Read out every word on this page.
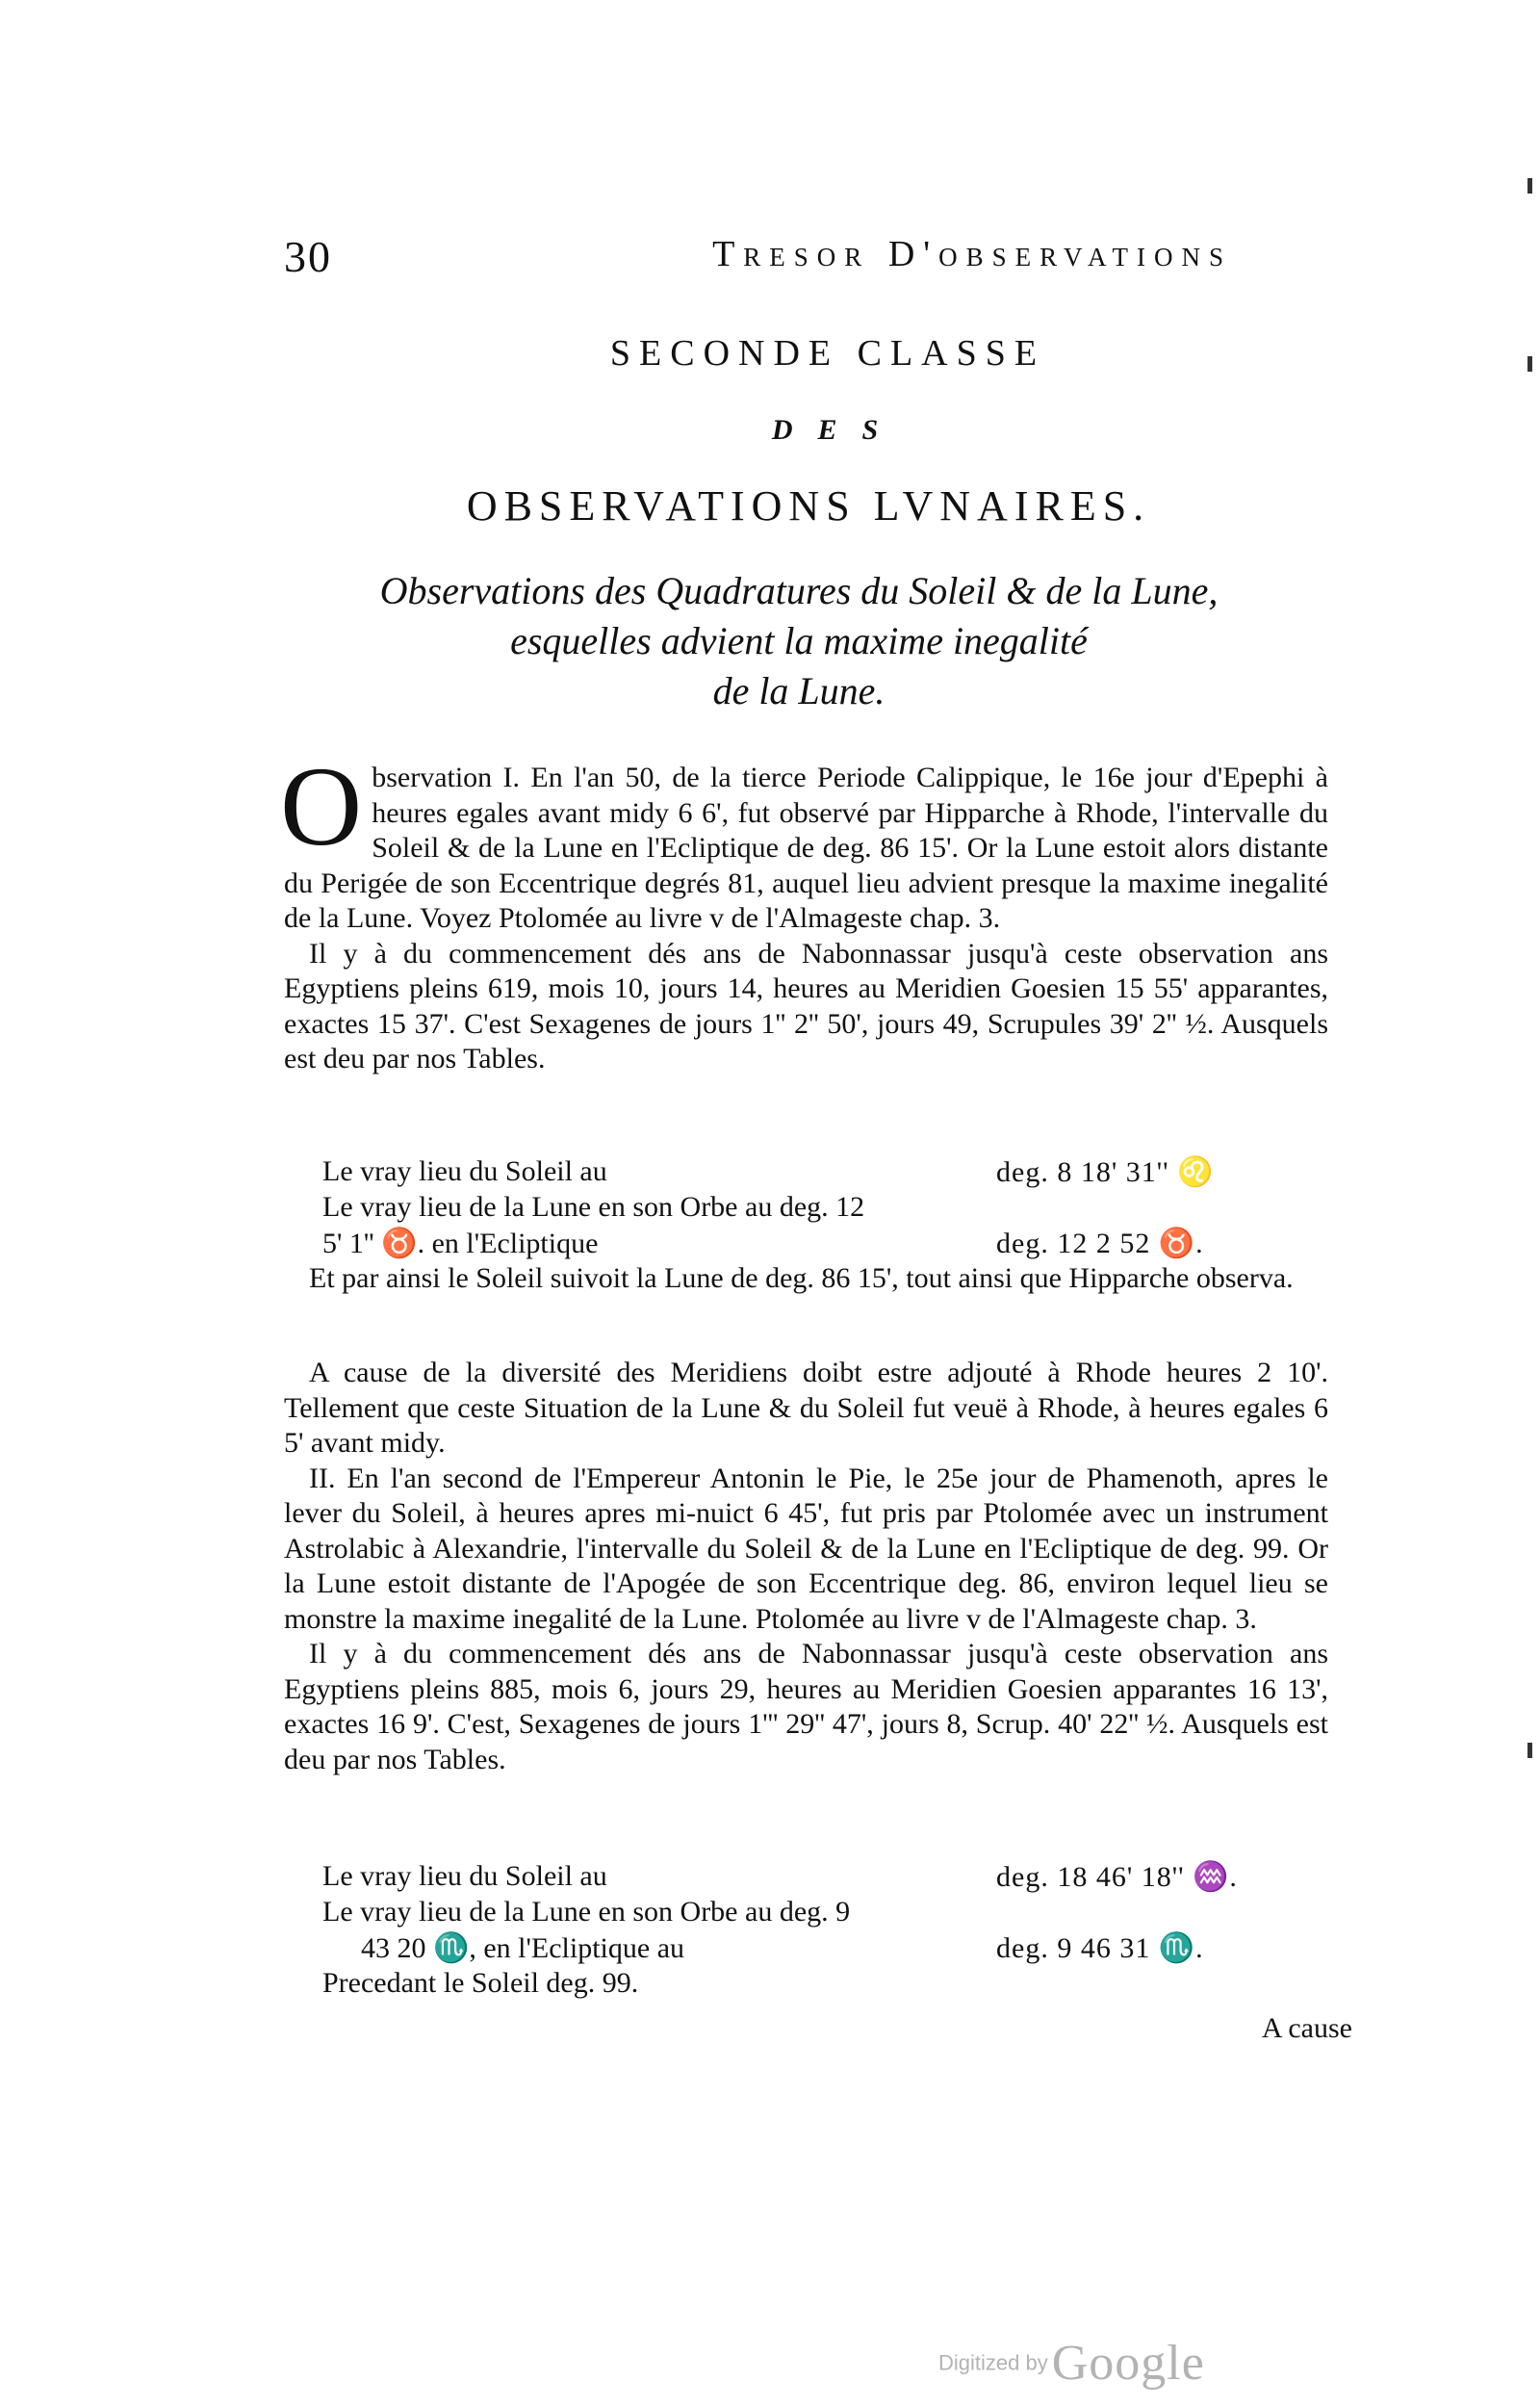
30	Tresor D'observations
SECONDE CLASSE
DES
OBSERVATIONS LVNAIRES.
Observations des Quadratures du Soleil & de la Lune,
esquelles advient la maxime inegalité
de la Lune.

Observation I. En l'an 50, de la tierce Periode Calippique, le 16e jour d'Epephi à heures egales avant midy 6 6', fut observé par Hipparche à Rhode, l'intervalle du Soleil & de la Lune en l'Ecliptique de deg. 86 15'. Or la Lune estoit alors distante du Perigée de son Eccentrique degrés 81, auquel lieu advient presque la maxime inegalité de la Lune. Voyez Ptolomée au livre v de l'Almageste chap. 3.

Il y à du commencement dés ans de Nabonnassar jusqu'à ceste observation ans Egyptiens pleins 619, mois 10, jours 14, heures au Meridien Goesien 15 55' apparantes, exactes 15 37'. C'est Sexagenes de jours 1'' 2'' 50', jours 49, Scrupules 39' 2'' ½. Ausquels est deu par nos Tables.

Le vray lieu du Soleil au	deg. 8 18' 31'' ♌
Le vray lieu de la Lune en son Orbe au deg. 12
5' 1'' ♉. en l'Ecliptique	deg. 12 2 52 ♉.

Et par ainsi le Soleil suivoit la Lune de deg. 86 15', tout ainsi que Hipparche observa.

A cause de la diversité des Meridiens doibt estre adjouté à Rhode heures 2 10'. Tellement que ceste Situation de la Lune & du Soleil fut veuë à Rhode, à heures egales 6 5' avant midy.

II. En l'an second de l'Empereur Antonin le Pie, le 25e jour de Phamenoth, apres le lever du Soleil, à heures apres mi-nuict 6 45', fut pris par Ptolomée avec un instrument Astrolabic à Alexandrie, l'intervalle du Soleil & de la Lune en l'Ecliptique de deg. 99. Or la Lune estoit distante de l'Apogée de son Eccentrique deg. 86, environ lequel lieu se monstre la maxime inegalité de la Lune. Ptolomée au livre v de l'Almageste chap. 3.

Il y à du commencement dés ans de Nabonnassar jusqu'à ceste observation ans Egyptiens pleins 885, mois 6, jours 29, heures au Meridien Goesien apparantes 16 13', exactes 16 9'. C'est, Sexagenes de jours 1''' 29'' 47', jours 8, Scrup. 40' 22'' ½. Ausquels est deu par nos Tables.

Le vray lieu du Soleil au	deg. 18 46' 18'' ♒.
Le vray lieu de la Lune en son Orbe au deg. 9
43 20 ♏, en l'Ecliptique au	deg. 9 46 31 ♏.
Precedant le Soleil deg. 99.
A cause
Digitized by Google
